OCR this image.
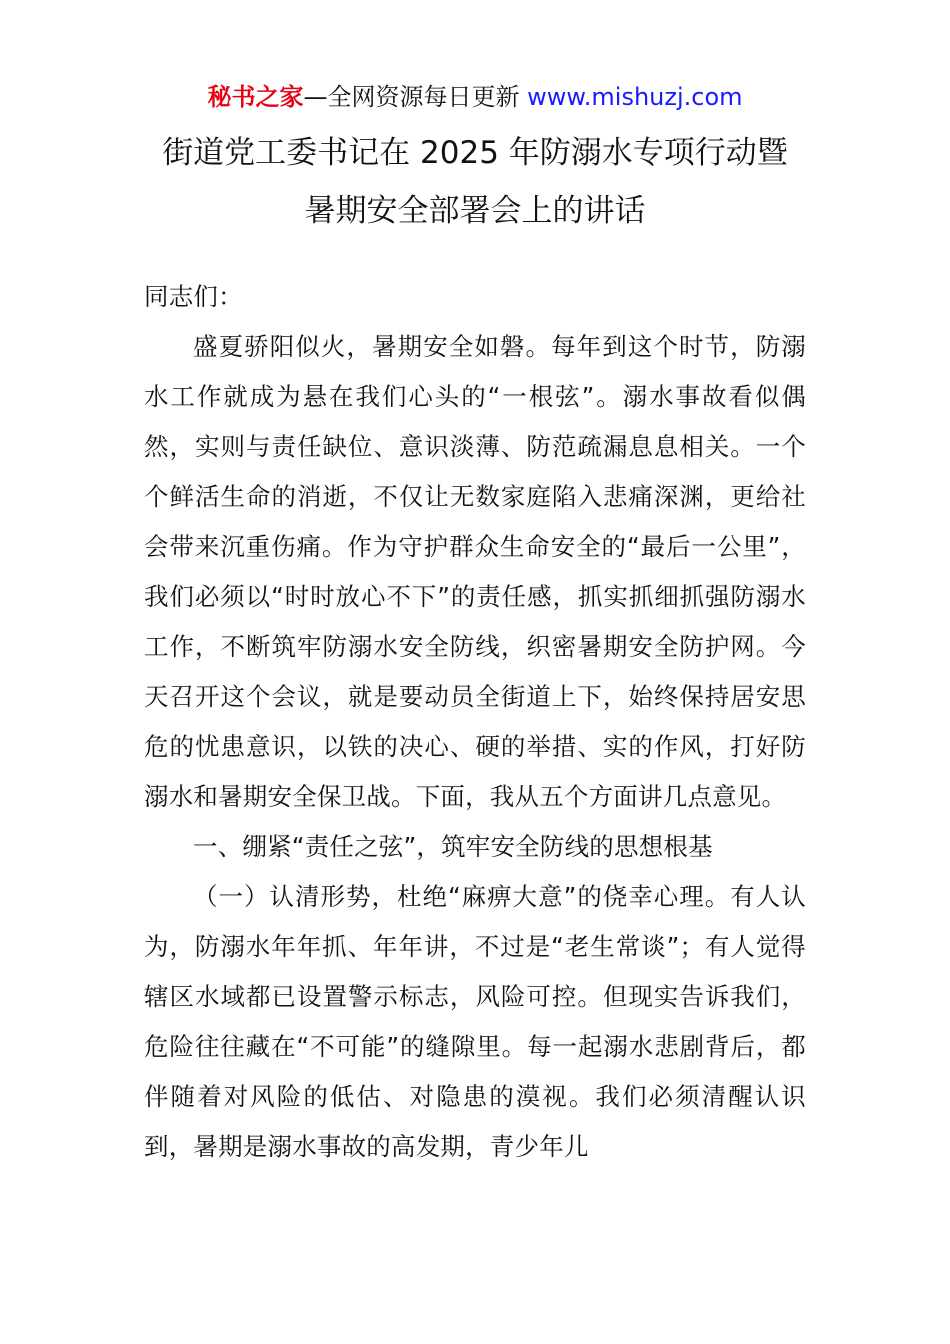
秘书之家—全网资源每日更新 www.mishuzj.com
街道党工委书记在 2025 年防溺水专项行动暨
暑期安全部署会上的讲话

同志们：

盛夏骄阳似火，暑期安全如磐。每年到这个时节，防溺水工作就成为悬在我们心头的“一根弦”。溺水事故看似偶然，实则与责任缺位、意识淡薄、防范疏漏息息相关。一个个鲜活生命的消逝，不仅让无数家庭陷入悲痛深渊，更给社会带来沉重伤痛。作为守护群众生命安全的“最后一公里”，我们必须以“时时放心不下”的责任感，抓实抓细抓强防溺水工作，不断筑牢防溺水安全防线，织密暑期安全防护网。今天召开这个会议，就是要动员全街道上下，始终保持居安思危的忧患意识，以铁的决心、硬的举措、实的作风，打好防溺水和暑期安全保卫战。下面，我从五个方面讲几点意见。

一、绷紧“责任之弦”，筑牢安全防线的思想根基

（一）认清形势，杜绝“麻痹大意”的侥幸心理。有人认为，防溺水年年抓、年年讲，不过是“老生常谈”；有人觉得辖区水域都已设置警示标志，风险可控。但现实告诉我们，危险往往藏在“不可能”的缝隙里。每一起溺水悲剧背后，都伴随着对风险的低估、对隐患的漠视。我们必须清醒认识到，暑期是溺水事故的高发期，青少年儿
